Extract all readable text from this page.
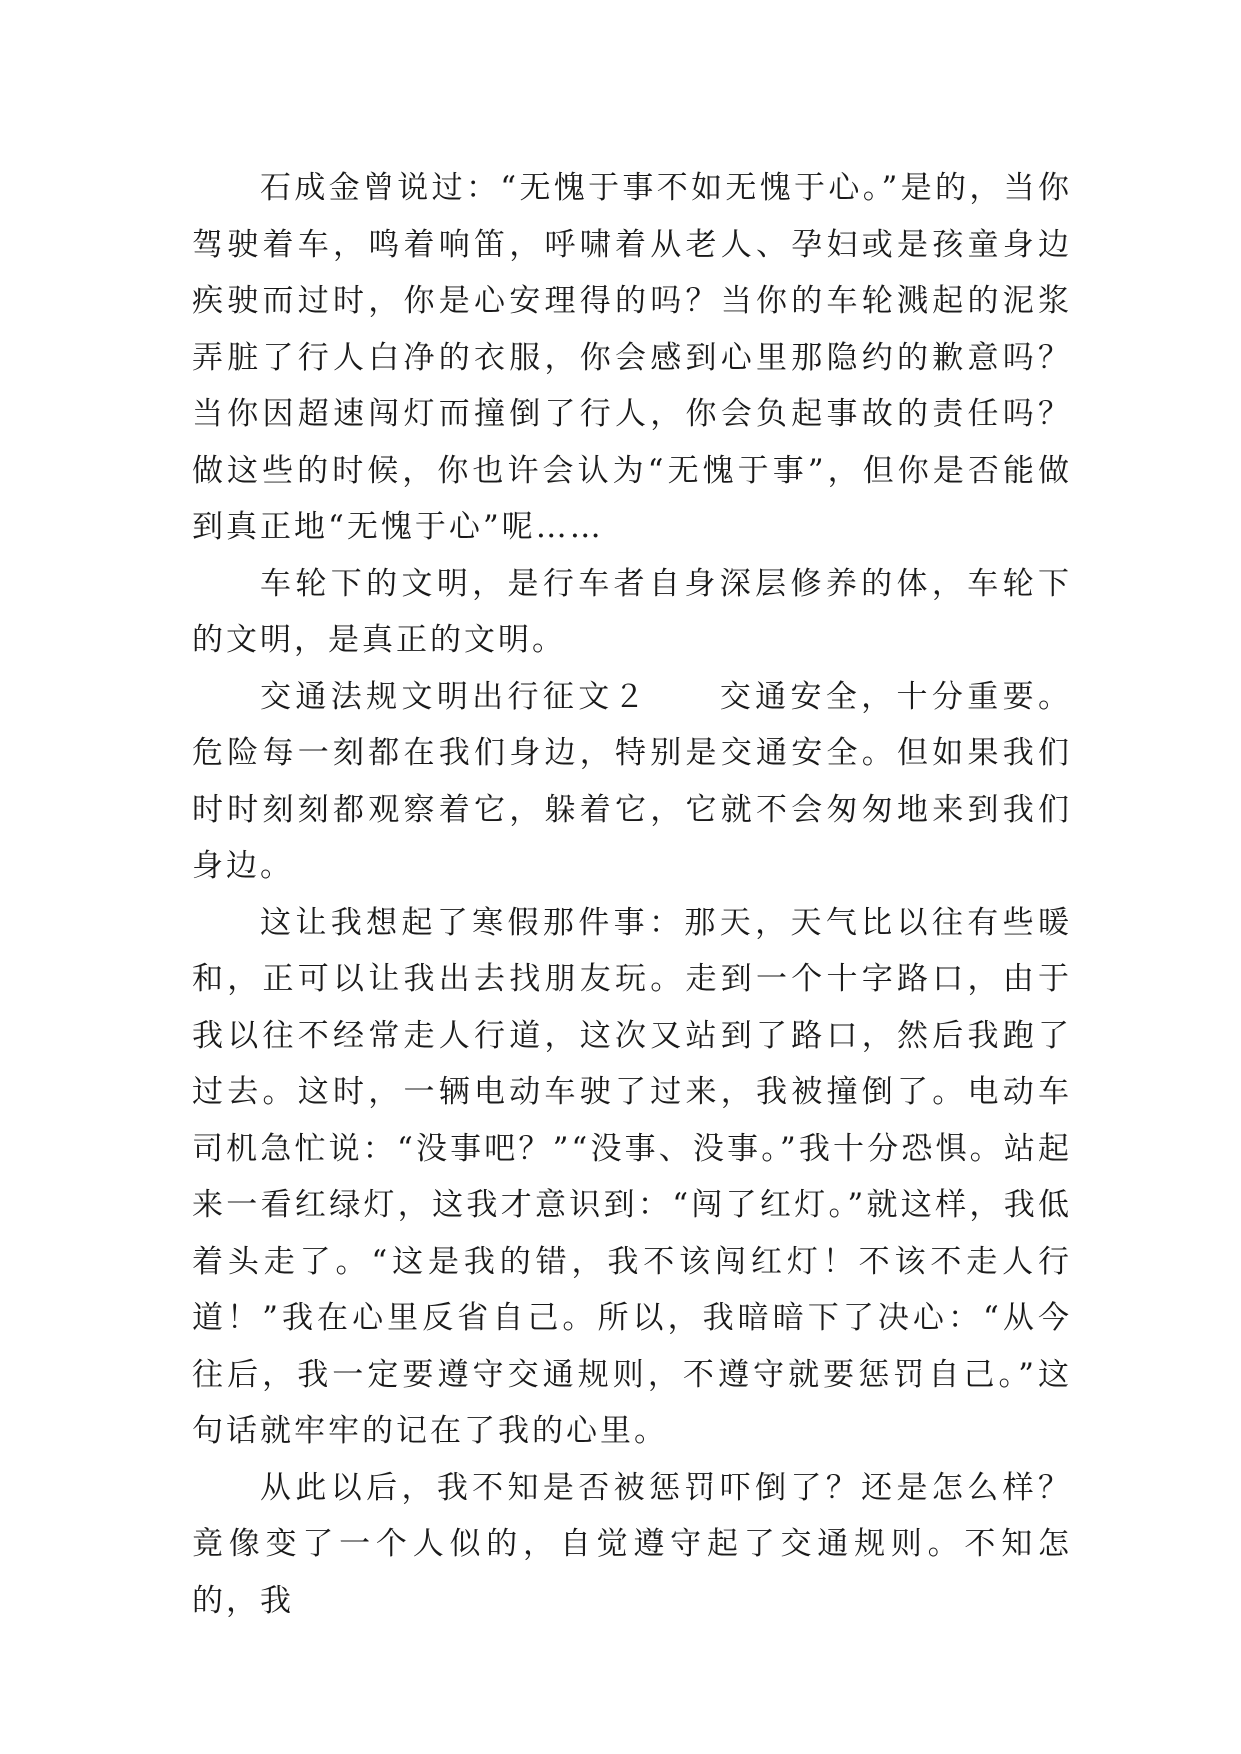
石成金曾说过：“无愧于事不如无愧于心。”是的，当你驾驶着车，鸣着响笛，呼啸着从老人、孕妇或是孩童身边疾驶而过时，你是心安理得的吗？当你的车轮溅起的泥浆弄脏了行人白净的衣服，你会感到心里那隐约的歉意吗？当你因超速闯灯而撞倒了行人，你会负起事故的责任吗？做这些的时候，你也许会认为“无愧于事”，但你是否能做到真正地“无愧于心”呢……

车轮下的文明，是行车者自身深层修养的体，车轮下的文明，是真正的文明。

交通法规文明出行征文２　　交通安全，十分重要。危险每一刻都在我们身边，特别是交通安全。但如果我们时时刻刻都观察着它，躲着它，它就不会匆匆地来到我们身边。

这让我想起了寒假那件事：那天，天气比以往有些暖和，正可以让我出去找朋友玩。走到一个十字路口，由于我以往不经常走人行道，这次又站到了路口，然后我跑了过去。这时，一辆电动车驶了过来，我被撞倒了。电动车司机急忙说：“没事吧？”“没事、没事。”我十分恐惧。站起来一看红绿灯，这我才意识到：“闯了红灯。”就这样，我低着头走了。“这是我的错，我不该闯红灯！不该不走人行道！”我在心里反省自己。所以，我暗暗下了决心：“从今往后，我一定要遵守交通规则，不遵守就要惩罚自己。”这句话就牢牢的记在了我的心里。

从此以后，我不知是否被惩罚吓倒了？还是怎么样？竟像变了一个人似的，自觉遵守起了交通规则。不知怎的，我
